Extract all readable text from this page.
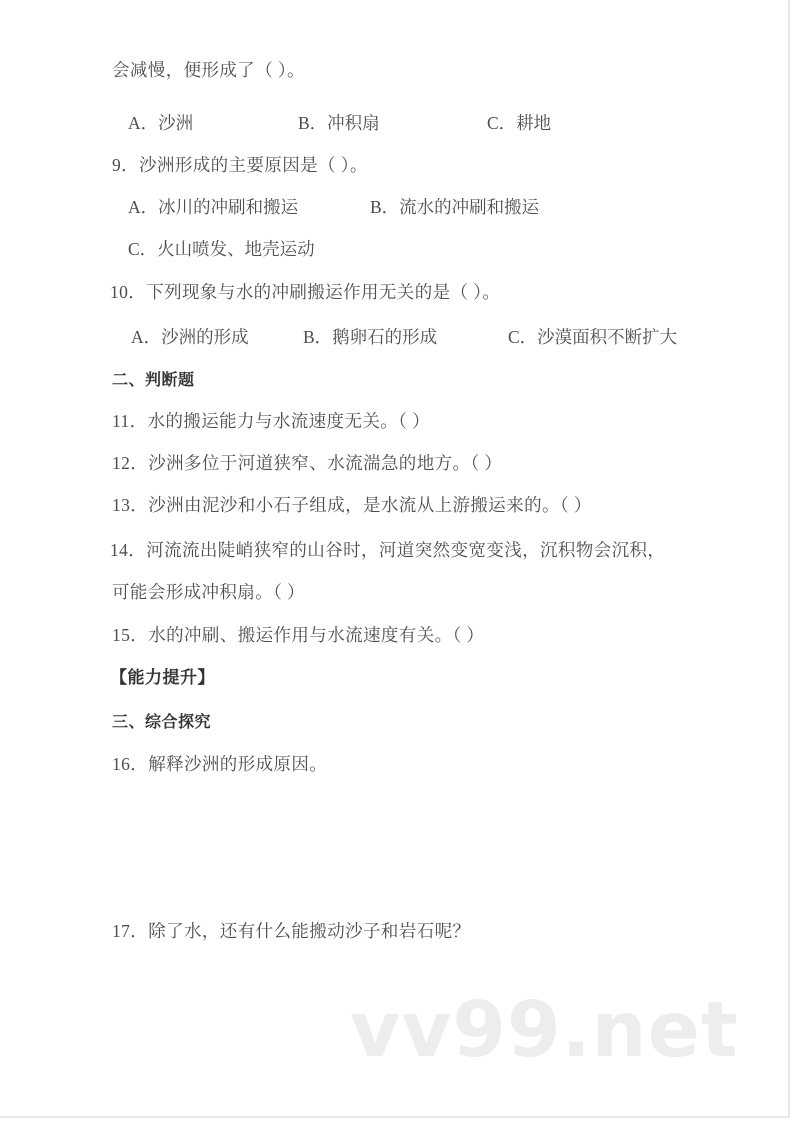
会减慢，便形成了（ ）。
A．沙洲	B．冲积扇	C．耕地
9．沙洲形成的主要原因是（ ）。
A．冰川的冲刷和搬运	B．流水的冲刷和搬运
C．火山喷发、地壳运动
10．下列现象与水的冲刷搬运作用无关的是（ ）。
A．沙洲的形成	B．鹅卵石的形成	C．沙漠面积不断扩大
二、判断题
11．水的搬运能力与水流速度无关。（ ）
12．沙洲多位于河道狭窄、水流湍急的地方。（ ）
13．沙洲由泥沙和小石子组成，是水流从上游搬运来的。（ ）
14．河流流出陡峭狭窄的山谷时，河道突然变宽变浅，沉积物会沉积，
可能会形成冲积扇。（ ）
15．水的冲刷、搬运作用与水流速度有关。（ ）
【能力提升】
三、综合探究
16．解释沙洲的形成原因。
17．除了水，还有什么能搬动沙子和岩石呢？
vv99.net
